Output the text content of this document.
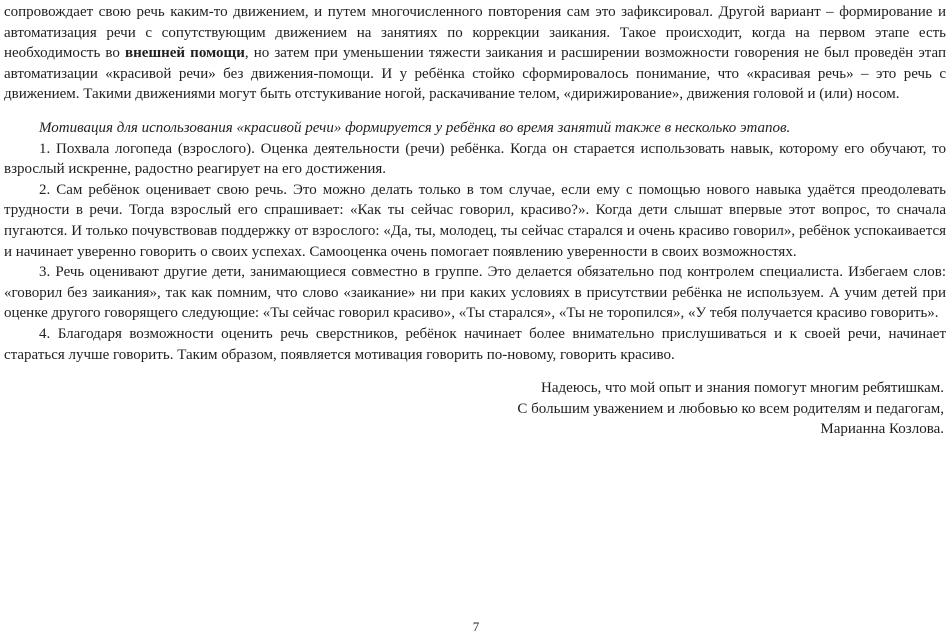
сопровождает свою речь каким-то движением, и путем многочисленного повторения сам это зафиксировал. Другой вариант – формирование и автоматизация речи с сопутствующим движением на занятиях по коррекции заикания. Такое происходит, когда на первом этапе есть необходимость во внешней помощи, но затем при уменьшении тяжести заикания и расширении возможности говорения не был проведён этап автоматизации «красивой речи» без движения-помощи. И у ребёнка стойко сформировалось понимание, что «красивая речь» – это речь с движением. Такими движениями могут быть отстукивание ногой, раскачивание телом, «дирижирование», движения головой и (или) носом.

Мотивация для использования «красивой речи» формируется у ребёнка во время занятий также в несколько этапов.

1. Похвала логопеда (взрослого). Оценка деятельности (речи) ребёнка. Когда он старается использовать навык, которому его обучают, то взрослый искренне, радостно реагирует на его достижения.

2. Сам ребёнок оценивает свою речь. Это можно делать только в том случае, если ему с помощью нового навыка удаётся преодолевать трудности в речи. Тогда взрослый его спрашивает: «Как ты сейчас говорил, красиво?». Когда дети слышат впервые этот вопрос, то сначала пугаются. И только почувствовав поддержку от взрослого: «Да, ты, молодец, ты сейчас старался и очень красиво говорил», ребёнок успокаивается и начинает уверенно говорить о своих успехах. Самооценка очень помогает появлению уверенности в своих возможностях.

3. Речь оценивают другие дети, занимающиеся совместно в группе. Это делается обязательно под контролем специалиста. Избегаем слов: «говорил без заикания», так как помним, что слово «заикание» ни при каких условиях в присутствии ребёнка не используем. А учим детей при оценке другого говорящего следующие: «Ты сейчас говорил красиво», «Ты старался», «Ты не торопился», «У тебя получается красиво говорить».

4. Благодаря возможности оценить речь сверстников, ребёнок начинает более внимательно прислушиваться и к своей речи, начинает стараться лучше говорить. Таким образом, появляется мотивация говорить по-новому, говорить красиво.

Надеюсь, что мой опыт и знания помогут многим ребятишкам.

С большим уважением и любовью ко всем родителям и педагогам,

Марианна Козлова.

7
